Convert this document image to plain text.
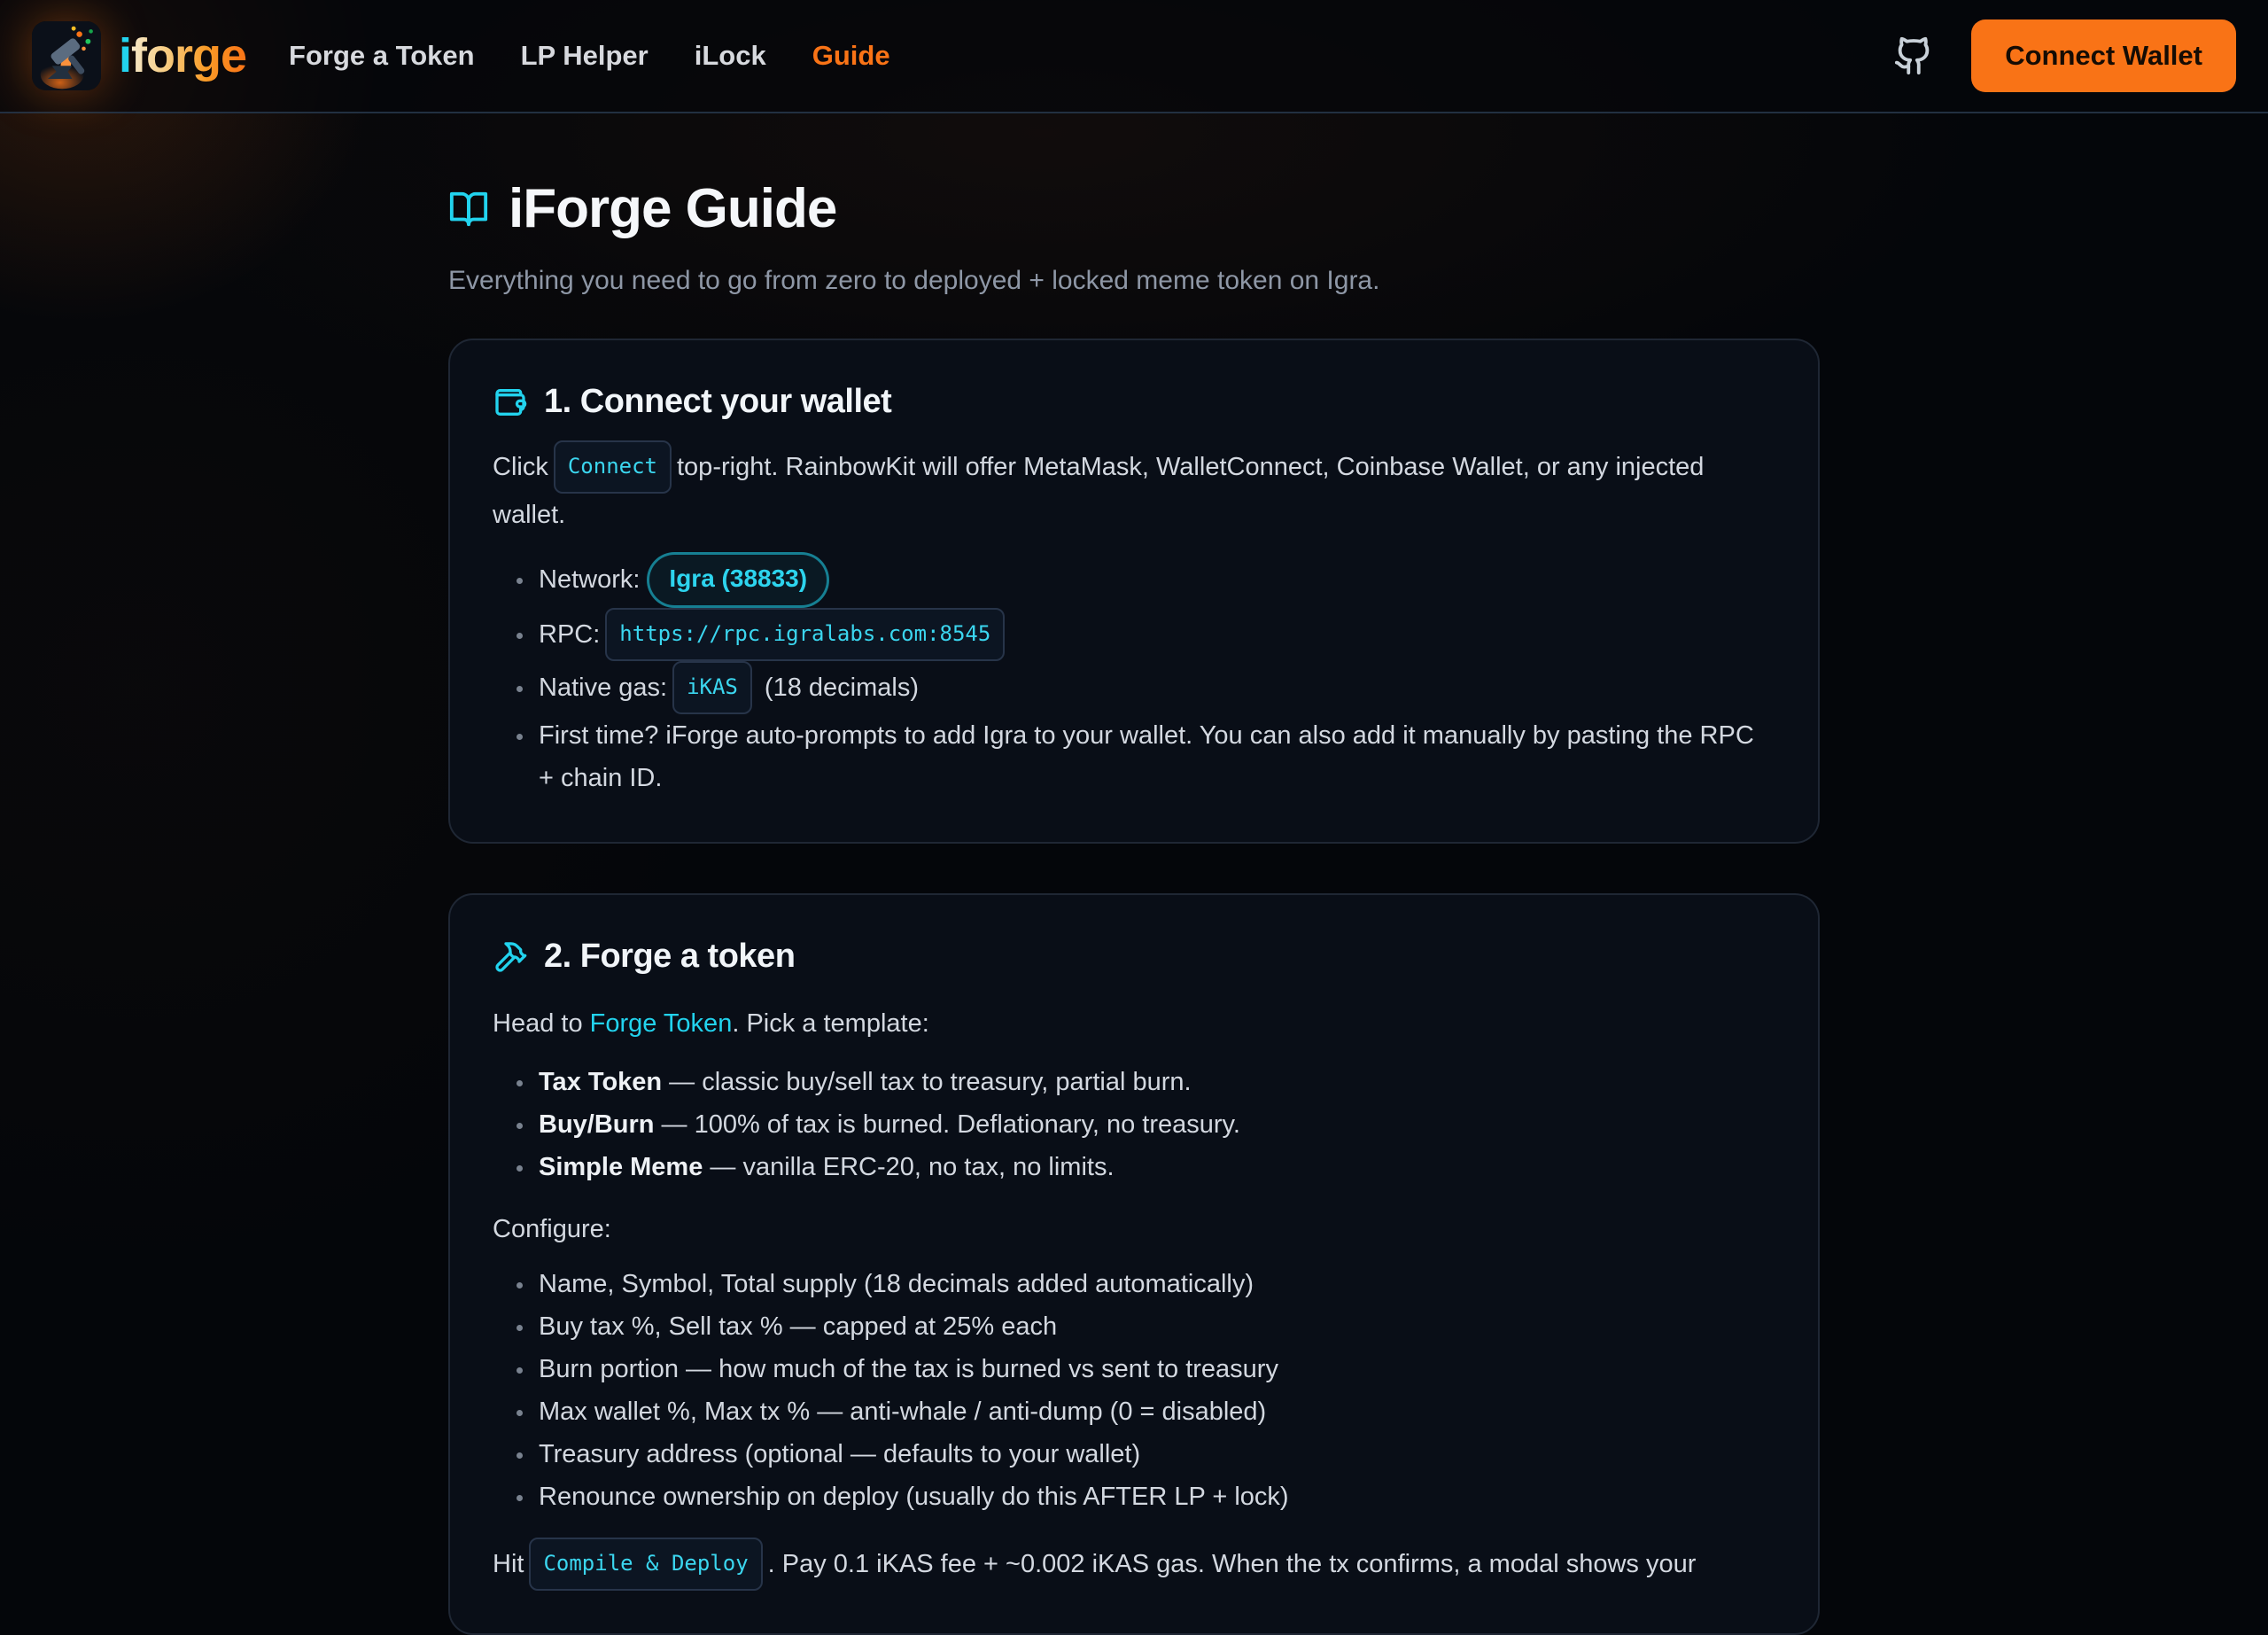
iforge Forge a Token LP Helper iLock Guide	Connect Wallet
iForge Guide
Everything you need to go from zero to deployed + locked meme token on Igra.
1. Connect your wallet

Click Connect top-right. RainbowKit will offer MetaMask, WalletConnect, Coinbase Wallet, or any injected wallet.

• Network: Igra (38833)
• RPC: https://rpc.igralabs.com:8545
• Native gas: iKAS (18 decimals)
• First time? iForge auto-prompts to add Igra to your wallet. You can also add it manually by pasting the RPC + chain ID.
2. Forge a token

Head to Forge Token. Pick a template:

• Tax Token — classic buy/sell tax to treasury, partial burn.
• Buy/Burn — 100% of tax is burned. Deflationary, no treasury.
• Simple Meme — vanilla ERC-20, no tax, no limits.

Configure:

• Name, Symbol, Total supply (18 decimals added automatically)
• Buy tax %, Sell tax % — capped at 25% each
• Burn portion — how much of the tax is burned vs sent to treasury
• Max wallet %, Max tx % — anti-whale / anti-dump (0 = disabled)
• Treasury address (optional — defaults to your wallet)
• Renounce ownership on deploy (usually do this AFTER LP + lock)

Hit Compile & Deploy . Pay 0.1 iKAS fee + ~0.002 iKAS gas. When the tx confirms, a modal shows your
